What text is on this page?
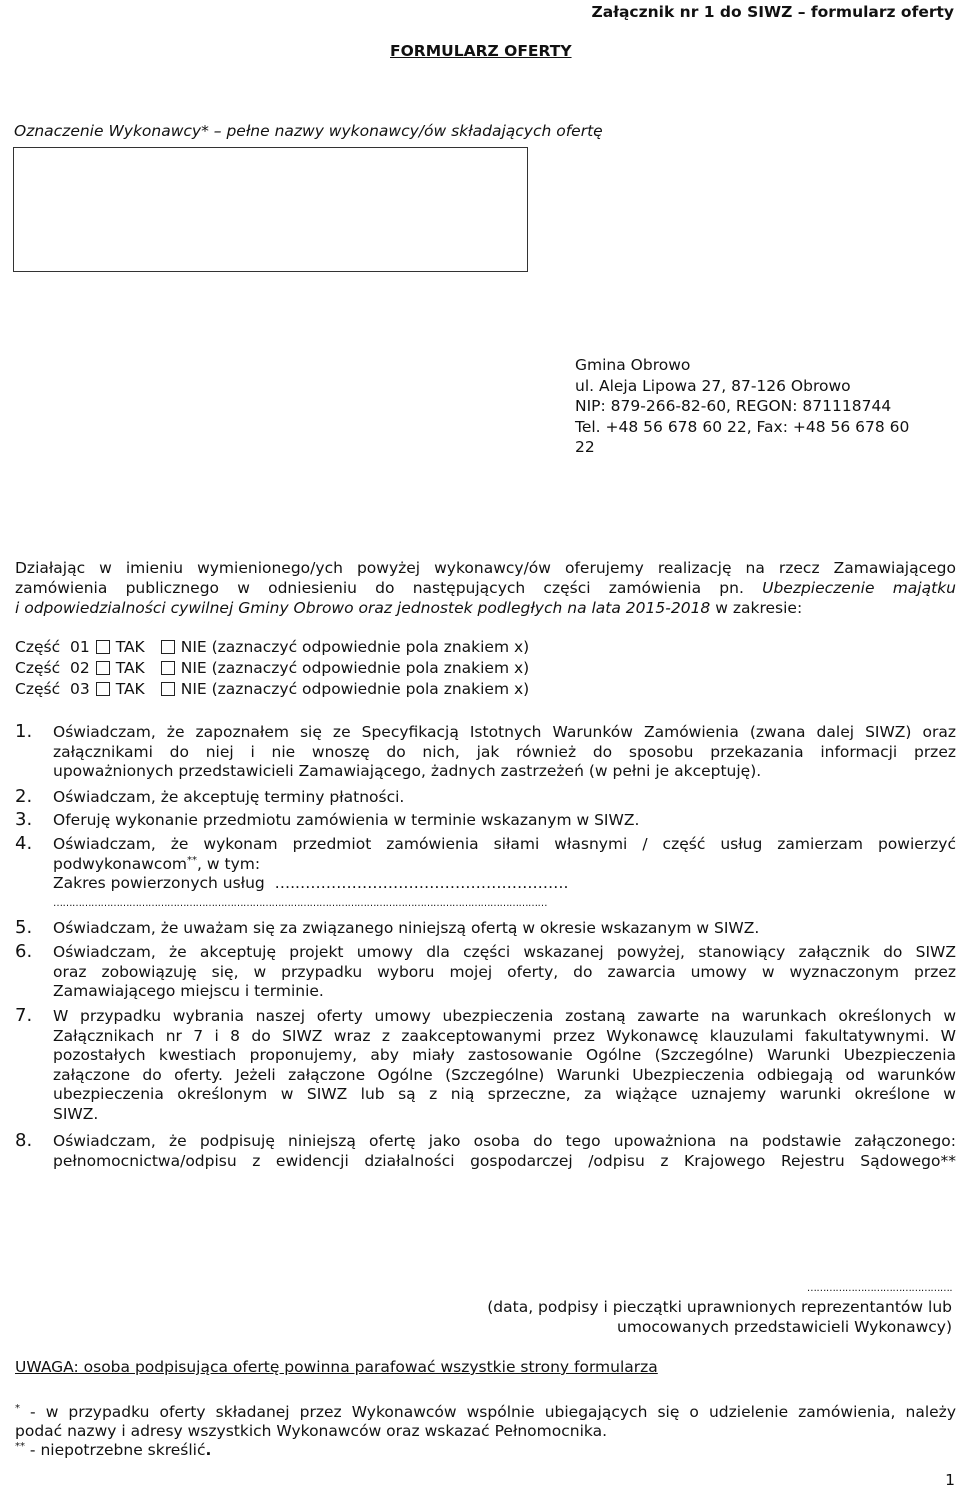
Załącznik nr 1 do SIWZ – formularz oferty
FORMULARZ OFERTY
Oznaczenie Wykonawcy* – pełne nazwy wykonawcy/ów składających ofertę
Gmina Obrowo
ul. Aleja Lipowa 27, 87-126 Obrowo
NIP: 879-266-82-60, REGON: 871118744
Tel. +48 56 678 60 22, Fax: +48 56 678 60
22
Działając w imieniu wymienionego/ych powyżej wykonawcy/ów oferujemy realizację na rzecz Zamawiającego
zamówienia publicznego w odniesieniu do następujących części zamówienia pn. Ubezpieczenie majątku
i odpowiedzialności cywilnej Gminy Obrowo oraz jednostek podległych na lata 2015-2018 w zakresie:
Część 01 TAK NIE (zaznaczyć odpowiednie pola znakiem x)
Część 02 TAK NIE (zaznaczyć odpowiednie pola znakiem x)
Część 03 TAK NIE (zaznaczyć odpowiednie pola znakiem x)
1. Oświadczam, że zapoznałem się ze Specyfikacją Istotnych Warunków Zamówienia (zwana dalej SIWZ) oraz
załącznikami do niej i nie wnoszę do nich, jak również do sposobu przekazania informacji przez
upoważnionych przedstawicieli Zamawiającego, żadnych zastrzeżeń (w pełni je akceptuję).
2. Oświadczam, że akceptuję terminy płatności.
3. Oferuję wykonanie przedmiotu zamówienia w terminie wskazanym w SIWZ.
4. Oświadczam, że wykonam przedmiot zamówienia siłami własnymi / część usług zamierzam powierzyć
podwykonawcom**, w tym:
Zakres powierzonych usług …..…………………………………………….
…………………………………………………………………………………………………………………………………………
5. Oświadczam, że uważam się za związanego niniejszą ofertą w okresie wskazanym w SIWZ.
6. Oświadczam, że akceptuję projekt umowy dla części wskazanej powyżej, stanowiący załącznik do SIWZ
oraz zobowiązuję się, w przypadku wyboru mojej oferty, do zawarcia umowy w wyznaczonym przez
Zamawiającego miejscu i terminie.
7. W przypadku wybrania naszej oferty umowy ubezpieczenia zostaną zawarte na warunkach określonych w
Załącznikach nr 7 i 8 do SIWZ wraz z zaakceptowanymi przez Wykonawcę klauzulami fakultatywnymi. W
pozostałych kwestiach proponujemy, aby miały zastosowanie Ogólne (Szczególne) Warunki Ubezpieczenia
załączone do oferty. Jeżeli załączone Ogólne (Szczególne) Warunki Ubezpieczenia odbiegają od warunków
ubezpieczenia określonym w SIWZ lub są z nią sprzeczne, za wiążące uznajemy warunki określone w
SIWZ.
8. Oświadczam, że podpisuję niniejszą ofertę jako osoba do tego upoważniona na podstawie załączonego:
pełnomocnictwa/odpisu z ewidencji działalności gospodarczej /odpisu z Krajowego Rejestru Sądowego**
……………………………………….
(data, podpisy i pieczątki uprawnionych reprezentantów lub
umocowanych przedstawicieli Wykonawcy)
UWAGA: osoba podpisująca ofertę powinna parafować wszystkie strony formularza
* - w przypadku oferty składanej przez Wykonawców wspólnie ubiegających się o udzielenie zamówienia, należy
podać nazwy i adresy wszystkich Wykonawców oraz wskazać Pełnomocnika.
** - niepotrzebne skreślić.
1
